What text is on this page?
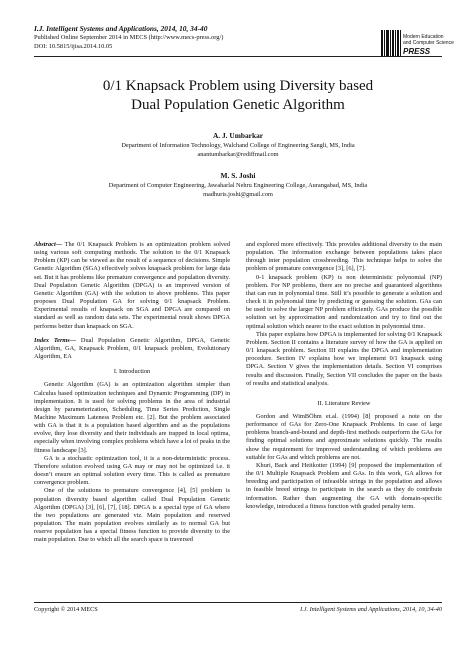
I.J. Intelligent Systems and Applications, 2014, 10, 34-40
Published Online September 2014 in MECS (http://www.mecs-press.org/)
DOI: 10.5815/ijisa.2014.10.05
Modern Education
and Computer Science
PRESS
0/1 Knapsack Problem using Diversity based
Dual Population Genetic Algorithm
A. J. Umbarkar
Department of Information Technology, Walchand College of Engineering Sangli, MS, India
anantumbarkar@rediffmail.com
M. S. Joshi
Department of Computer Engineering, Jawaharlal Nehru Engineering College, Aurangabad, MS, India
madhuris.joshi@gmail.com

Abstract— The 0/1 Knapsack Problem is an optimization problem solved using various soft computing methods. The solution to the 0/1 Knapsack Problem (KP) can be viewed as the result of a sequence of decisions. Simple Genetic Algorithm (SGA) effectively solves knapsack problem for large data set. But it has problems like premature convergence and population diversity. Dual Population Genetic Algorithm (DPGA) is an improved version of Genetic Algorithm (GA) with the solution to above problems. This paper proposes Dual Population GA for solving 0/1 knapsack Problem. Experimental results of knapsack on SGA and DPGA are compared on standard as well as random data sets. The experimental result shows DPGA performs better than knapsack on SGA.

Index Terms— Dual Population Genetic Algorithm, DPGA, Genetic Algorithm, GA, Knapsack Problem, 0/1 knapsack problem, Evolutionary Algorithm, EA

I. Introduction

Genetic Algorithm (GA) is an optimization algorithm simpler than Calculus based optimization techniques and Dynamic Programming (DP) in implementation. It is used for solving problems in the area of industrial design by parameterization, Scheduling, Time Series Prediction, Single Machine Maximum Lateness Problem etc. [2]. But the problem associated with GA is that it is a population based algorithm and as the populations evolve, they lose diversity and their individuals are trapped in local optima, especially when involving complex problems which have a lot of peaks in the fitness landscape [3].

GA is a stochastic optimization tool, it is a non-deterministic process. Therefore solution evolved using GA may or may not be optimized i.e. it doesn’t ensure an optimal solution every time. This is called as premature convergence problem.

One of the solutions to premature convergence [4], [5] problem is population diversity based algorithm called Dual Population Genetic Algorithm (DPGA) [3], [6], [7], [18]. DPGA is a special type of GA where the two populations are generated viz. Main population and reserved population. The main population evolves similarly as to normal GA but reserve population has a special fitness function to provide diversity to the main population. Due to which all the search space is traversed

and explored more effectively. This provides additional diversity to the main population. The information exchange between populations takes place through inter population crossbreeding. This technique helps to solve the problem of premature convergence [3], [6], [7].

0-1 knapsack problem (KP) is non deterministic polynomial (NP) problem. For NP problems, there are no precise and guaranteed algorithms that can run in polynomial time. Still it’s possible to generate a solution and check it in polynomial time by predicting or guessing the solution. GAs can be used to solve the larger NP problem efficiently. GAs produce the possible solution set by approximation and randomization and try to find out the optimal solution which nearer to the exact solution in polynomial time.

This paper explains how DPGA is implemented for solving 0/1 Knapsack Problem. Section II contains a literature survey of how the GA is applied on 0/1 knapsack problem. Section III explains the DPGA and implementation procedure. Section IV explains how we implement 0/1 knapsack using DPGA. Section V gives the implementation details. Section VI comprises results and discussion. Finally, Section VII concludes the paper on the basis of results and statistical analysis.

II. Literature Review

Gordon and WimBÖhm et.al. (1994) [8] proposed a note on the performance of GAs for Zero-One Knapsack Problems. In case of large problems branch-and-bound and depth-first methods outperform the GAs for finding optimal solutions and approximate solutions quickly. The results show the requirement for improved understanding of which problems are suitable for GAs and which problems are not.

Khuri, Back and Heitkotter (1994) [9] proposed the implementation of the 0/1 Multiple Knapsack Problem and GAs. In this work, GA allows for breeding and participation of infeasible strings in the population and allows in feasible breed strings to participate in the search as they do contribute information. Rather than augmenting the GA with domain-specific knowledge, introduced a fitness function with graded penalty term.

Copyright © 2014 MECS	I.J. Intelligent Systems and Applications, 2014, 10, 34-40
